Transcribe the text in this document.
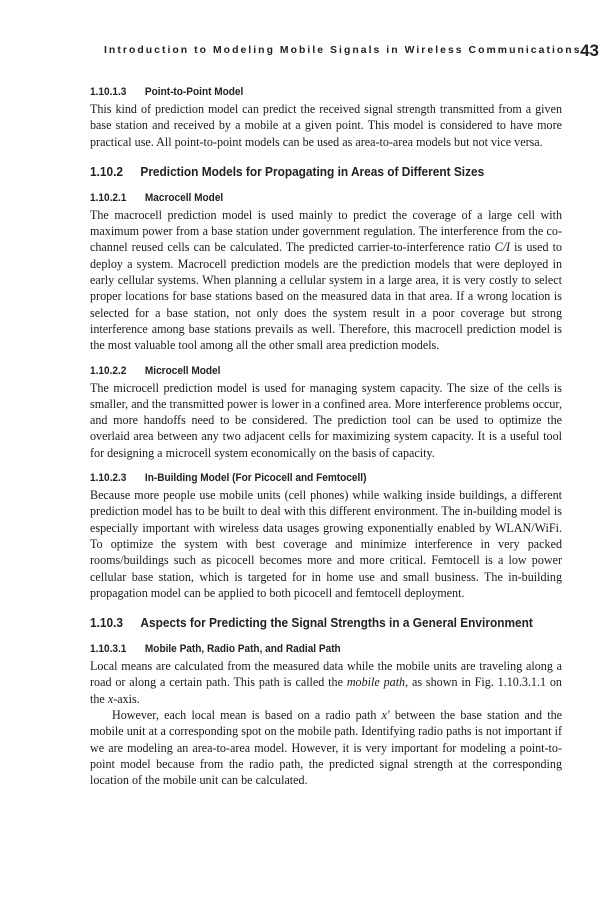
Introduction to Modeling Mobile Signals in Wireless Communications
43
1.10.1.3 Point-to-Point Model

This kind of prediction model can predict the received signal strength transmitted from a given base station and received by a mobile at a given point. This model is considered to have more practical use. All point-to-point models can be used as area-to-area models but not vice versa.

1.10.2 Prediction Models for Propagating in Areas of Different Sizes
1.10.2.1 Macrocell Model

The macrocell prediction model is used mainly to predict the coverage of a large cell with maximum power from a base station under government regulation. The interference from the co-channel reused cells can be calculated. The predicted carrier-to-interference ratio C/I is used to deploy a system. Macrocell prediction models are the prediction models that were deployed in early cellular systems. When planning a cellular system in a large area, it is very costly to select proper locations for base stations based on the measured data in that area. If a wrong location is selected for a base station, not only does the system result in a poor coverage but strong interference among base stations prevails as well. Therefore, this macrocell prediction model is the most valuable tool among all the other small area prediction models.

1.10.2.2 Microcell Model

The microcell prediction model is used for managing system capacity. The size of the cells is smaller, and the transmitted power is lower in a confined area. More interference problems occur, and more handoffs need to be considered. The prediction tool can be used to optimize the overlaid area between any two adjacent cells for maximizing system capacity. It is a useful tool for designing a microcell system economically on the basis of capacity.

1.10.2.3 In-Building Model (For Picocell and Femtocell)

Because more people use mobile units (cell phones) while walking inside buildings, a different prediction model has to be built to deal with this different environment. The in-building model is especially important with wireless data usages growing exponentially enabled by WLAN/WiFi. To optimize the system with best coverage and minimize interference in very packed rooms/buildings such as picocell becomes more and more critical. Femtocell is a low power cellular base station, which is targeted for in home use and small business. The in-building propagation model can be applied to both picocell and femtocell deployment.

1.10.3 Aspects for Predicting the Signal Strengths in a General Environment
1.10.3.1 Mobile Path, Radio Path, and Radial Path

Local means are calculated from the measured data while the mobile units are traveling along a road or along a certain path. This path is called the mobile path, as shown in Fig. 1.10.3.1.1 on the x-axis.

However, each local mean is based on a radio path x′ between the base station and the mobile unit at a corresponding spot on the mobile path. Identifying radio paths is not important if we are modeling an area-to-area model. However, it is very important for modeling a point-to-point model because from the radio path, the predicted signal strength at the corresponding location of the mobile unit can be calculated.
